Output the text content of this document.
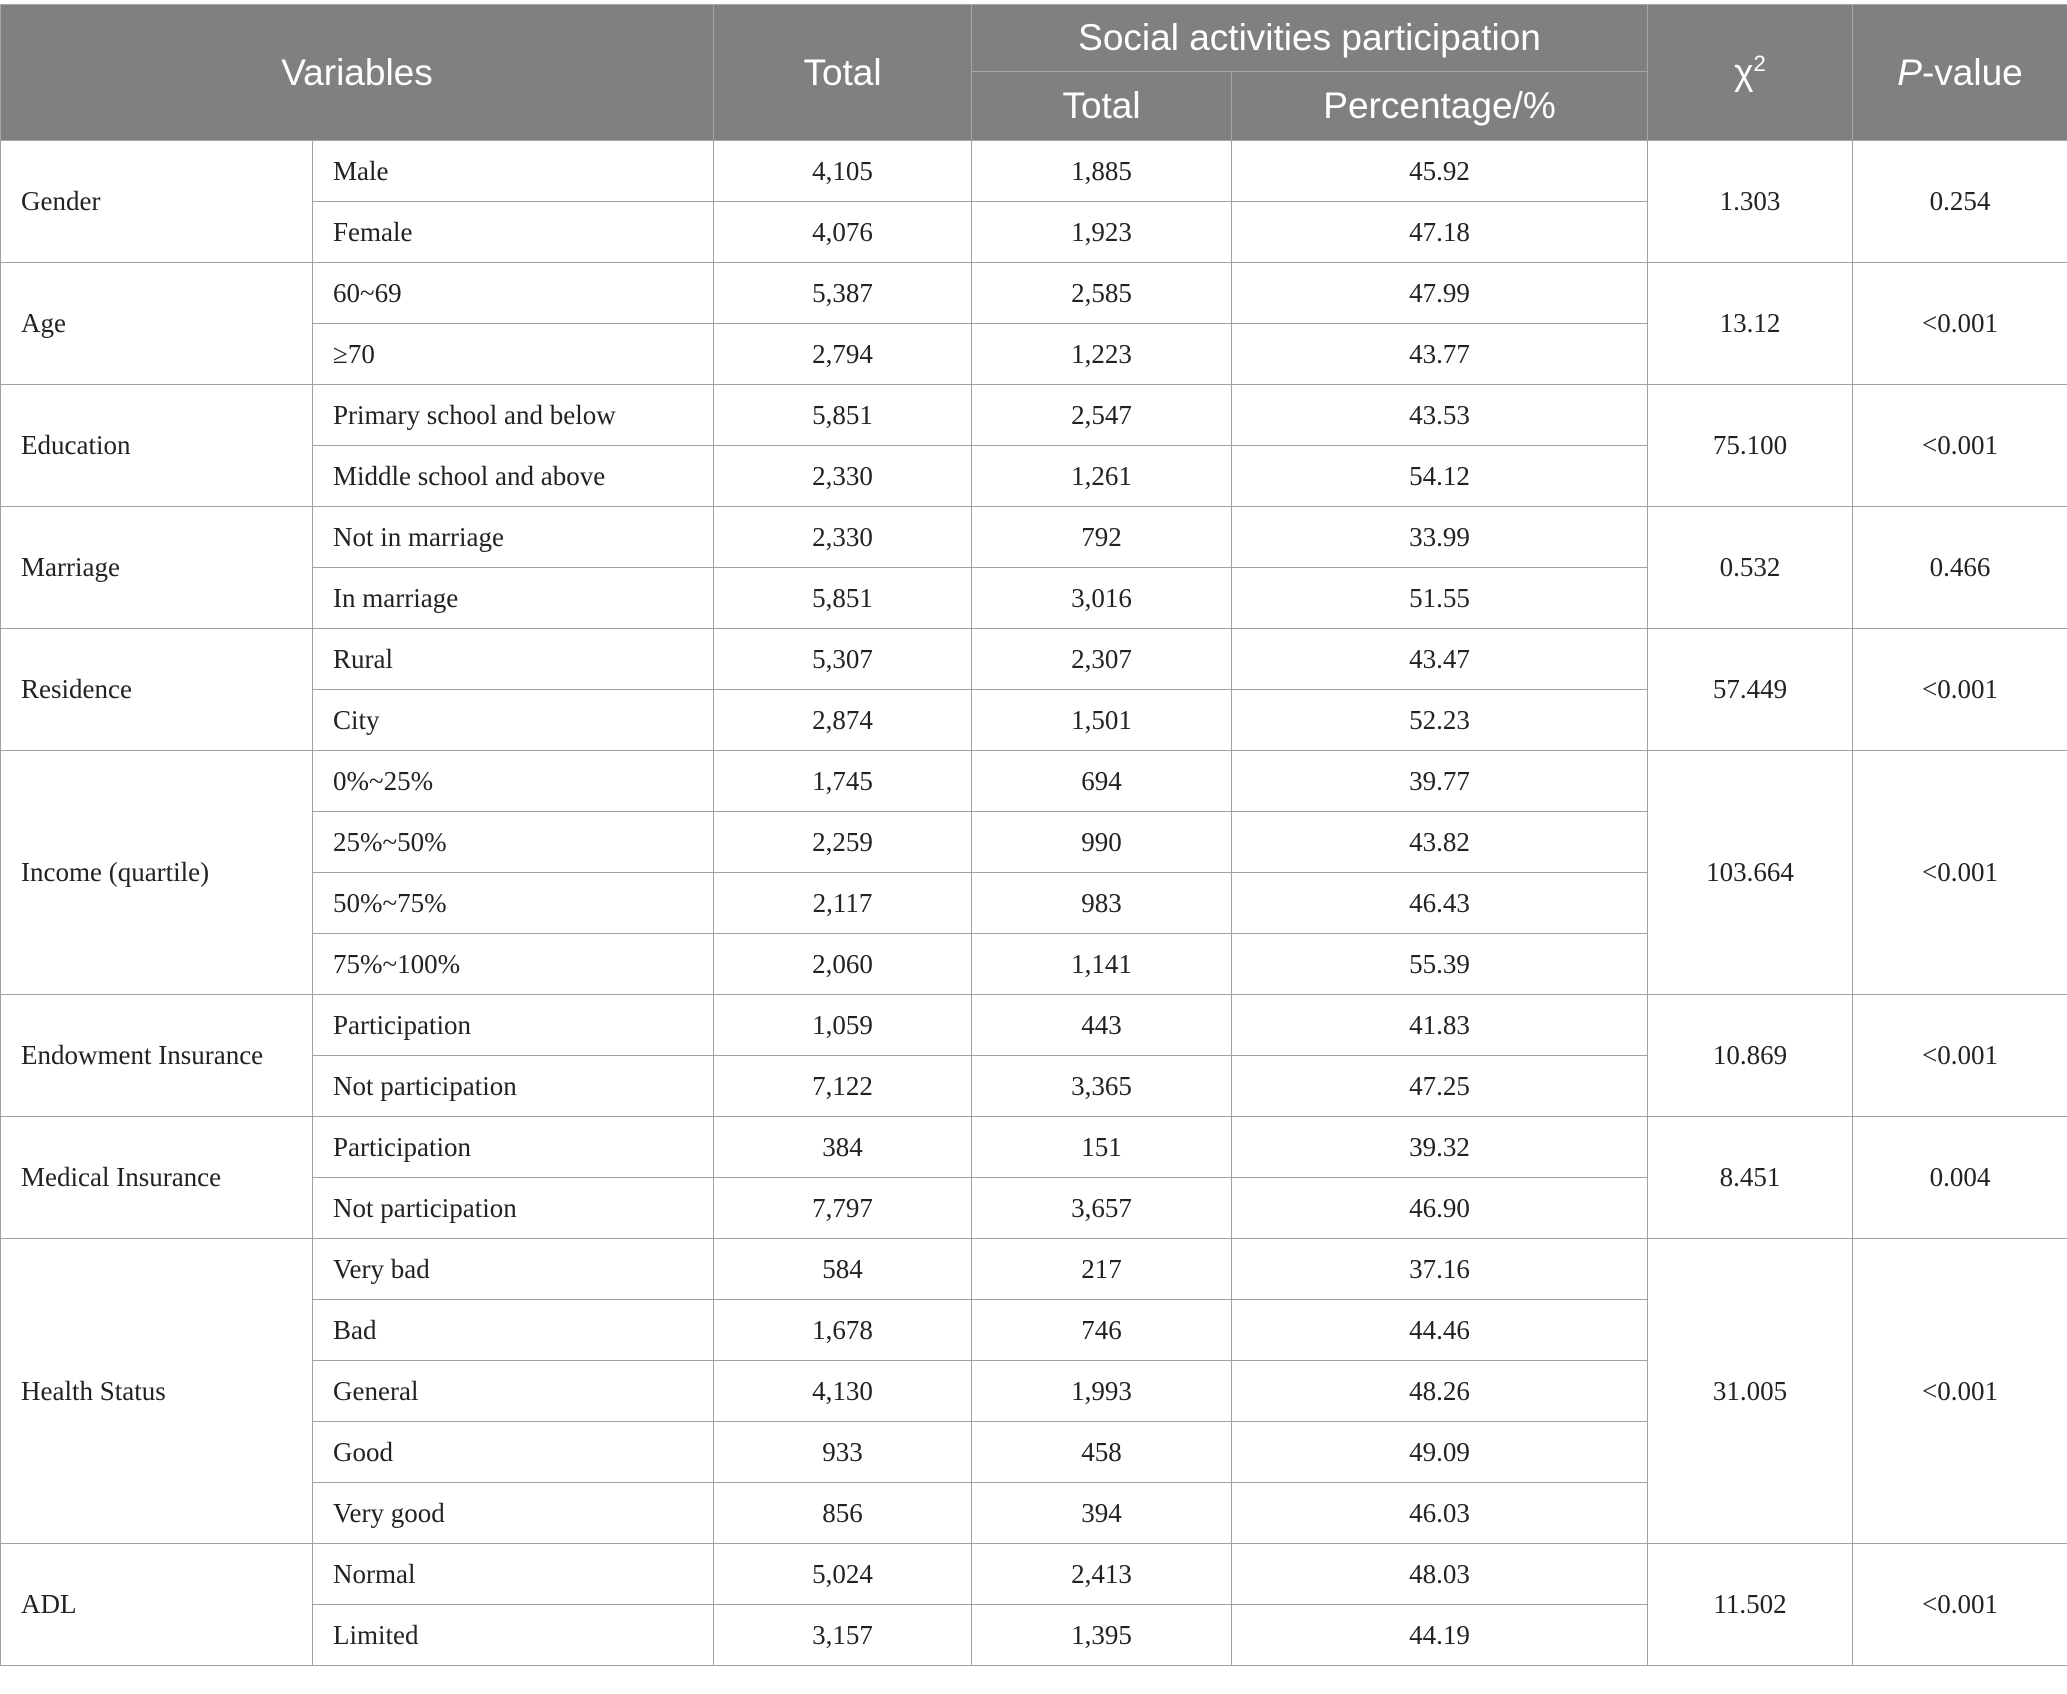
Variables		Total	Social activities participation		$\chi^2$	P-value
			Total	Percentage/%		
Gender	Male	4,105	1,885	45.92	1.303	0.254
	Female	4,076	1,923	47.18		
Age	60~69	5,387	2,585	47.99	13.12	<0.001
	≥70	2,794	1,223	43.77		
Education	Primary school and below	5,851	2,547	43.53	75.100	<0.001
	Middle school and above	2,330	1,261	54.12		
Marriage	Not in marriage	2,330	792	33.99	0.532	0.466
	In marriage	5,851	3,016	51.55		
Residence	Rural	5,307	2,307	43.47	57.449	<0.001
	City	2,874	1,501	52.23		
Income (quartile)	0%~25%	1,745	694	39.77	103.664	<0.001
	25%~50%	2,259	990	43.82		
	50%~75%	2,117	983	46.43		
	75%~100%	2,060	1,141	55.39		
Endowment Insurance	Participation	1,059	443	41.83	10.869	<0.001
	Not participation	7,122	3,365	47.25		
Medical Insurance	Participation	384	151	39.32	8.451	0.004
	Not participation	7,797	3,657	46.90		
Health Status	Very bad	584	217	37.16	31.005	<0.001
	Bad	1,678	746	44.46		
	General	4,130	1,993	48.26		
	Good	933	458	49.09		
	Very good	856	394	46.03		
ADL	Normal	5,024	2,413	48.03	11.502	<0.001
	Limited	3,157	1,395	44.19		
